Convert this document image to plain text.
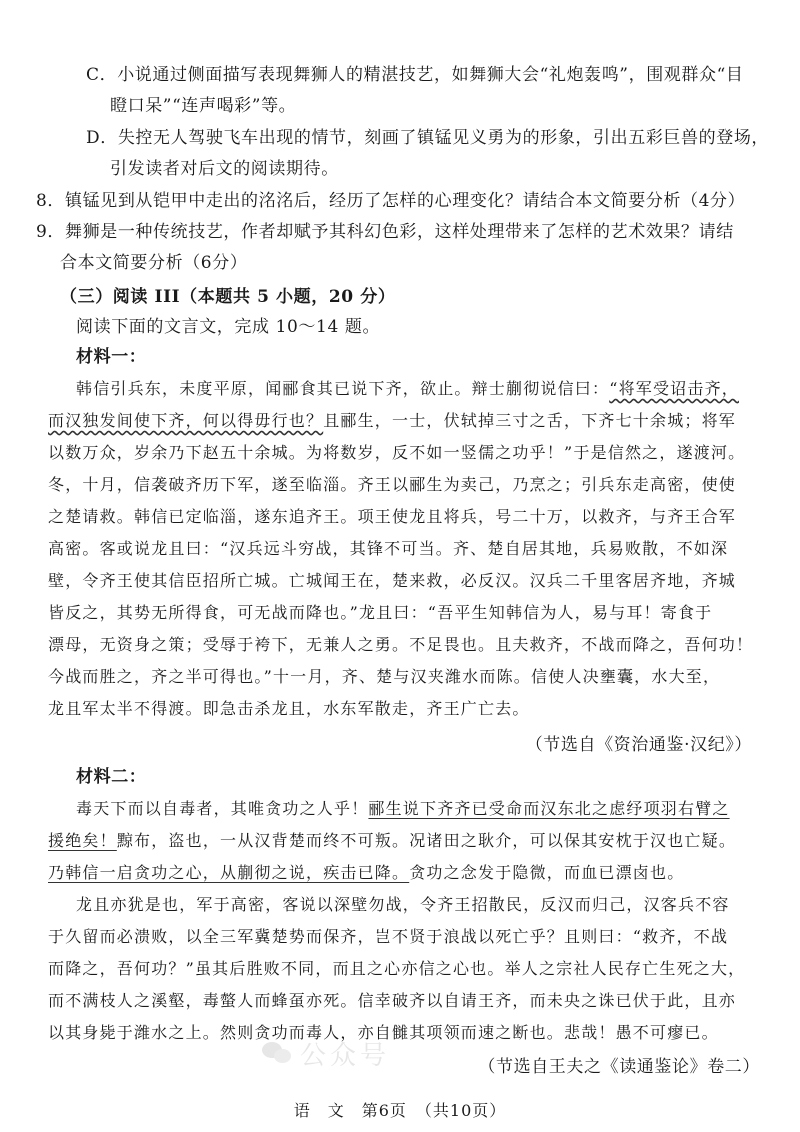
C．小说通过侧面描写表现舞狮人的精湛技艺，如舞狮大会“礼炮轰鸣”，围观群众“目
瞪口呆”“连声喝彩”等。
D．失控无人驾驶飞车出现的情节，刻画了镇锰见义勇为的形象，引出五彩巨兽的登场，
引发读者对后文的阅读期待。
8．镇锰见到从铠甲中走出的洺洺后，经历了怎样的心理变化？请结合本文简要分析（4分）
9．舞狮是一种传统技艺，作者却赋予其科幻色彩，这样处理带来了怎样的艺术效果？请结
合本文简要分析（6分）
（三）阅读 III（本题共 5 小题，20 分）
阅读下面的文言文，完成 10～14 题。
材料一：
韩信引兵东，未度平原，闻郦食其已说下齐，欲止。辩士蒯彻说信曰：“将军受诏击齐，
而汉独发间使下齐，何以得毋行也？且郦生，一士，伏轼掉三寸之舌，下齐七十余城；将军
以数万众，岁余乃下赵五十余城。为将数岁，反不如一竖儒之功乎！”于是信然之，遂渡河。
冬，十月，信袭破齐历下军，遂至临淄。齐王以郦生为卖己，乃烹之；引兵东走高密，使使
之楚请救。韩信已定临淄，遂东追齐王。项王使龙且将兵，号二十万，以救齐，与齐王合军
高密。客或说龙且曰：“汉兵远斗穷战，其锋不可当。齐、楚自居其地，兵易败散，不如深
壁，令齐王使其信臣招所亡城。亡城闻王在，楚来救，必反汉。汉兵二千里客居齐地，齐城
皆反之，其势无所得食，可无战而降也。”龙且曰：“吾平生知韩信为人，易与耳！寄食于
漂母，无资身之策；受辱于袴下，无兼人之勇。不足畏也。且夫救齐，不战而降之，吾何功！
今战而胜之，齐之半可得也。”十一月，齐、楚与汉夹潍水而陈。信使人决壅囊，水大至，
龙且军太半不得渡。即急击杀龙且，水东军散走，齐王广亡去。
（节选自《资治通鉴·汉纪》）
材料二：
毒天下而以自毒者，其唯贪功之人乎！郦生说下齐齐已受命而汉东北之虑纾项羽右臂之
援绝矣！黥布，盗也，一从汉背楚而终不可叛。况诸田之耿介，可以保其安枕于汉也亡疑。
乃韩信一启贪功之心，从蒯彻之说，疾击已降。贪功之念发于隐微，而血已漂卤也。
龙且亦犹是也，军于高密，客说以深壁勿战，令齐王招散民，反汉而归己，汉客兵不容
于久留而必溃败，以全三军冀楚势而保齐，岂不贤于浪战以死亡乎？且则曰：“救齐，不战
而降之，吾何功？”虽其后胜败不同，而且之心亦信之心也。举人之宗社人民存亡生死之大，
而不满枝人之溪壑，毒螫人而蜂虿亦死。信幸破齐以自请王齐，而未央之诛已伏于此，且亦
以其身毙于潍水之上。然则贪功而毒人，亦自雠其项领而速之断也。悲哉！愚不可瘳已。
（节选自王夫之《读通鉴论》卷二）
公众号
语　文　第6页　（共10页）
